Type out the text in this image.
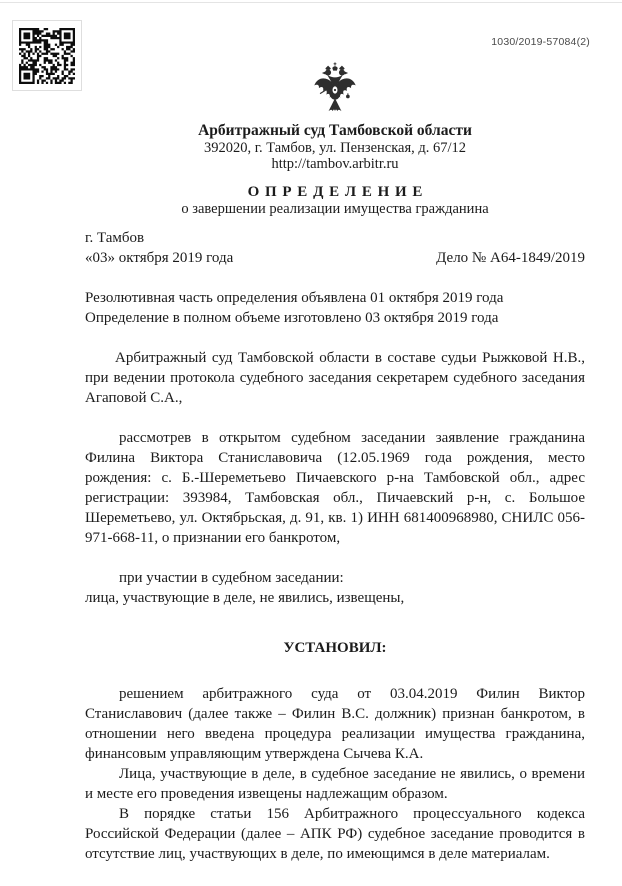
1030/2019-57084(2)
Арбитражный суд Тамбовской области
392020, г. Тамбов, ул. Пензенская, д. 67/12
http://tambov.arbitr.ru
О П Р Е Д Е Л Е Н И Е
о завершении реализации имущества гражданина
г. Тамбов
«03» октября 2019 года	Дело № А64-1849/2019
Резолютивная часть определения объявлена 01 октября 2019 года
Определение в полном объеме изготовлено 03 октября 2019 года
Арбитражный суд Тамбовской области в составе судьи Рыжковой Н.В., при ведении протокола судебного заседания секретарем судебного заседания Агаповой С.А.,
рассмотрев в открытом судебном заседании заявление гражданина Филина Виктора Станиславовича (12.05.1969 года рождения, место рождения: с. Б.-Шереметьево Пичаевского р-на Тамбовской обл., адрес регистрации: 393984, Тамбовская обл., Пичаевский р-н, с. Большое Шереметьево, ул. Октябрьская, д. 91, кв. 1) ИНН 681400968980, СНИЛС 056-971-668-11, о признании его банкротом,
при участии в судебном заседании:
лица, участвующие в деле, не явились, извещены,
УСТАНОВИЛ:
решением арбитражного суда от 03.04.2019 Филин Виктор Станиславович (далее также – Филин В.С. должник) признан банкротом, в отношении него введена процедура реализации имущества гражданина, финансовым управляющим утверждена Сычева К.А.
Лица, участвующие в деле, в судебное заседание не явились, о времени и месте его проведения извещены надлежащим образом.
В порядке статьи 156 Арбитражного процессуального кодекса Российской Федерации (далее – АПК РФ) судебное заседание проводится в отсутствие лиц, участвующих в деле, по имеющимся в деле материалам.
